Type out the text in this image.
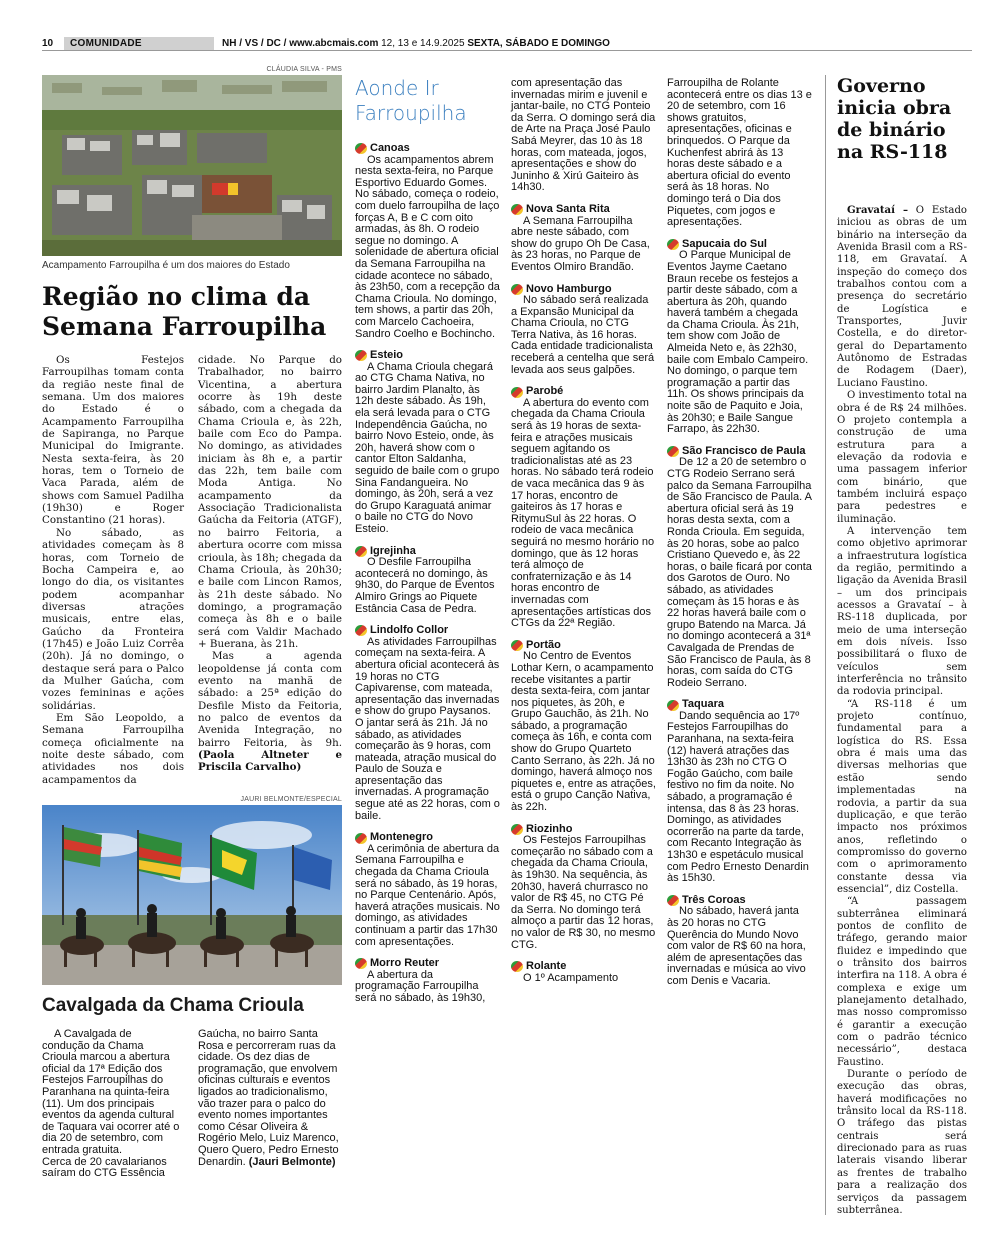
10	COMUNIDADE	NH / VS / DC / www.abcmais.com 12, 13 e 14.9.2025 SEXTA, SÁBADO E DOMINGO
CLÁUDIA SILVA - PMS
Acampamento Farroupilha é um dos maiores do Estado
Região no clima da Semana Farroupilha

Os Festejos Farroupilhas tomam conta da região neste final de semana. Um dos maiores do Estado é o Acampamento Farroupilha de Sapiranga, no Parque Municipal do Imigrante. Nesta sexta-feira, às 20 horas, tem o Torneio de Vaca Parada, além de shows com Samuel Padilha (19h30) e Roger Constantino (21 horas).

No sábado, as atividades começam às 8 horas, com Torneio de Bocha Campeira e, ao longo do dia, os visitantes podem acompanhar diversas atrações musicais, entre elas, Gaúcho da Fronteira (17h45) e João Luiz Corrêa (20h). Já no domingo, o destaque será para o Palco da Mulher Gaúcha, com vozes femininas e ações solidárias.

Em São Leopoldo, a Semana Farroupilha começa oficialmente na noite deste sábado, com atividades nos dois acampamentos da

cidade. No Parque do Trabalhador, no bairro Vicentina, a abertura ocorre às 19h deste sábado, com a chegada da Chama Crioula e, às 22h, baile com Eco do Pampa. No domingo, as atividades iniciam às 8h e, a partir das 22h, tem baile com Moda Antiga. No acampamento da Associação Tradicionalista Gaúcha da Feitoria (ATGF), no bairro Feitoria, a abertura ocorre com missa crioula, às 18h; chegada da Chama Crioula, às 20h30; e baile com Lincon Ramos, às 21h deste sábado. No domingo, a programação começa às 8h e o baile será com Valdir Machado + Buerana, às 21h.

Mas a agenda leopoldense já conta com evento na manhã de sábado: a 25ª edição do Desfile Misto da Feitoria, no palco de eventos da Avenida Integração, no bairro Feitoria, às 9h. (Paola Altneter e Priscila Carvalho)

JAURI BELMONTE/ESPECIAL
Cavalgada da Chama Crioula

A Cavalgada de condução da Chama Crioula marcou a abertura oficial da 17ª Edição dos Festejos Farroupilhas do Paranhana na quinta-feira (11). Um dos principais eventos da agenda cultural de Taquara vai ocorrer até o dia 20 de setembro, com entrada gratuita.

Cerca de 20 cavalarianos saíram do CTG Essência

Gaúcha, no bairro Santa Rosa e percorreram ruas da cidade. Os dez dias de programação, que envolvem oficinas culturais e eventos ligados ao tradicionalismo, vão trazer para o palco do evento nomes importantes como César Oliveira & Rogério Melo, Luiz Marenco, Quero Quero, Pedro Ernesto Denardin. (Jauri Belmonte)

Aonde Ir Farroupilha
Canoas
Os acampamentos abrem nesta sexta-feira, no Parque Esportivo Eduardo Gomes. No sábado, começa o rodeio, com duelo farroupilha de laço forças A, B e C com oito armadas, às 8h. O rodeio segue no domingo. A solenidade de abertura oficial da Semana Farroupilha na cidade acontece no sábado, às 23h50, com a recepção da Chama Crioula. No domingo, tem shows, a partir das 20h, com Marcelo Cachoeira, Sandro Coelho e Bochincho.
Esteio
A Chama Crioula chegará ao CTG Chama Nativa, no bairro Jardim Planalto, às 12h deste sábado. Às 19h, ela será levada para o CTG Independência Gaúcha, no bairro Novo Esteio, onde, às 20h, haverá show com o cantor Elton Saldanha, seguido de baile com o grupo Sina Fandangueira. No domingo, às 20h, será a vez do Grupo Karaguatá animar o baile no CTG do Novo Esteio.
Igrejinha
O Desfile Farroupilha acontecerá no domingo, às 9h30, do Parque de Eventos Almiro Grings ao Piquete Estância Casa de Pedra.
Lindolfo Collor
As atividades Farroupilhas começam na sexta-feira. A abertura oficial acontecerá às 19 horas no CTG Capivarense, com mateada, apresentação das invernadas e show do grupo Paysanos. O jantar será às 21h. Já no sábado, as atividades começarão às 9 horas, com mateada, atração musical do Paulo de Souza e apresentação das invernadas. A programação segue até as 22 horas, com o baile.
Montenegro
A cerimônia de abertura da Semana Farroupilha e chegada da Chama Crioula será no sábado, às 19 horas, no Parque Centenário. Após, haverá atrações musicais. No domingo, as atividades continuam a partir das 17h30 com apresentações.
Morro Reuter
A abertura da programação Farroupilha será no sábado, às 19h30,
com apresentação das invernadas mirim e juvenil e jantar-baile, no CTG Ponteio da Serra. O domingo será dia de Arte na Praça José Paulo Sabá Meyrer, das 10 às 18 horas, com mateada, jogos, apresentações e show do Juninho & Xirú Gaiteiro às 14h30.
Nova Santa Rita
A Semana Farroupilha abre neste sábado, com show do grupo Oh De Casa, às 23 horas, no Parque de Eventos Olmiro Brandão.
Novo Hamburgo
No sábado será realizada a Expansão Municipal da Chama Crioula, no CTG Terra Nativa, às 16 horas. Cada entidade tradicionalista receberá a centelha que será levada aos seus galpões.
Parobé
A abertura do evento com chegada da Chama Crioula será às 19 horas de sexta-feira e atrações musicais seguem agitando os tradicionalistas até as 23 horas. No sábado terá rodeio de vaca mecânica das 9 às 17 horas, encontro de gaiteiros às 17 horas e RitymuSul às 22 horas. O rodeio de vaca mecânica seguirá no mesmo horário no domingo, que às 12 horas terá almoço de confraternização e às 14 horas encontro de invernadas com apresentações artísticas dos CTGs da 22ª Região.
Portão
No Centro de Eventos Lothar Kern, o acampamento recebe visitantes a partir desta sexta-feira, com jantar nos piquetes, às 20h, e Grupo Gauchão, às 21h. No sábado, a programação começa às 16h, e conta com show do Grupo Quarteto Canto Serrano, às 22h. Já no domingo, haverá almoço nos piquetes e, entre as atrações, está o grupo Canção Nativa, às 22h.
Riozinho
Os Festejos Farroupilhas começarão no sábado com a chegada da Chama Crioula, às 19h30. Na sequência, às 20h30, haverá churrasco no valor de R$ 45, no CTG Pé da Serra. No domingo terá almoço a partir das 12 horas, no valor de R$ 30, no mesmo CTG.
Rolante
O 1º Acampamento
Farroupilha de Rolante acontecerá entre os dias 13 e 20 de setembro, com 16 shows gratuitos, apresentações, oficinas e brinquedos. O Parque da Kuchenfest abrirá às 13 horas deste sábado e a abertura oficial do evento será às 18 horas. No domingo terá o Dia dos Piquetes, com jogos e apresentações.
Sapucaia do Sul
O Parque Municipal de Eventos Jayme Caetano Braun recebe os festejos a partir deste sábado, com a abertura às 20h, quando haverá também a chegada da Chama Crioula. Às 21h, tem show com João de Almeida Neto e, às 22h30, baile com Embalo Campeiro. No domingo, o parque tem programação a partir das 11h. Os shows principais da noite são de Paquito e Joia, às 20h30; e Baile Sangue Farrapo, às 22h30.
São Francisco de Paula
De 12 a 20 de setembro o CTG Rodeio Serrano será palco da Semana Farroupilha de São Francisco de Paula. A abertura oficial será às 19 horas desta sexta, com a Ronda Crioula. Em seguida, às 20 horas, sobe ao palco Cristiano Quevedo e, às 22 horas, o baile ficará por conta dos Garotos de Ouro. No sábado, as atividades começam às 15 horas e às 22 horas haverá baile com o grupo Batendo na Marca. Já no domingo acontecerá a 31ª Cavalgada de Prendas de São Francisco de Paula, às 8 horas, com saída do CTG Rodeio Serrano.
Taquara
Dando sequência ao 17º Festejos Farroupilhas do Paranhana, na sexta-feira (12) haverá atrações das 13h30 às 23h no CTG O Fogão Gaúcho, com baile festivo no fim da noite. No sábado, a programação é intensa, das 8 às 23 horas. Domingo, as atividades ocorrerão na parte da tarde, com Recanto Integração às 13h30 e espetáculo musical com Pedro Ernesto Denardin às 15h30.
Três Coroas
No sábado, haverá janta às 20 horas no CTG Querência do Mundo Novo com valor de R$ 60 na hora, além de apresentações das invernadas e música ao vivo com Denis e Vacaria.
Governo inicia obra de binário na RS-118

Gravataí – O Estado iniciou as obras de um binário na interseção da Avenida Brasil com a RS-118, em Gravataí. A inspeção do começo dos trabalhos contou com a presença do secretário de Logística e Transportes, Juvir Costella, e do diretor-geral do Departamento Autônomo de Estradas de Rodagem (Daer), Luciano Faustino.

O investimento total na obra é de R$ 24 milhões. O projeto contempla a construção de uma estrutura para a elevação da rodovia e uma passagem inferior com binário, que também incluirá espaço para pedestres e iluminação.

A intervenção tem como objetivo aprimorar a infraestrutura logística da região, permitindo a ligação da Avenida Brasil – um dos principais acessos a Gravataí – à RS-118 duplicada, por meio de uma interseção em dois níveis. Isso possibilitará o fluxo de veículos sem interferência no trânsito da rodovia principal.

“A RS-118 é um projeto contínuo, fundamental para a logística do RS. Essa obra é mais uma das diversas melhorias que estão sendo implementadas na rodovia, a partir da sua duplicação, e que terão impacto nos próximos anos, refletindo o compromisso do governo com o aprimoramento constante dessa via essencial”, diz Costella.

“A passagem subterrânea eliminará pontos de conflito de tráfego, gerando maior fluidez e impedindo que o trânsito dos bairros interfira na 118. A obra é complexa e exige um planejamento detalhado, mas nosso compromisso é garantir a execução com o padrão técnico necessário”, destaca Faustino.

Durante o período de execução das obras, haverá modificações no trânsito local da RS-118. O tráfego das pistas centrais será direcionado para as ruas laterais visando liberar as frentes de trabalho para a realização dos serviços da passagem subterrânea.
